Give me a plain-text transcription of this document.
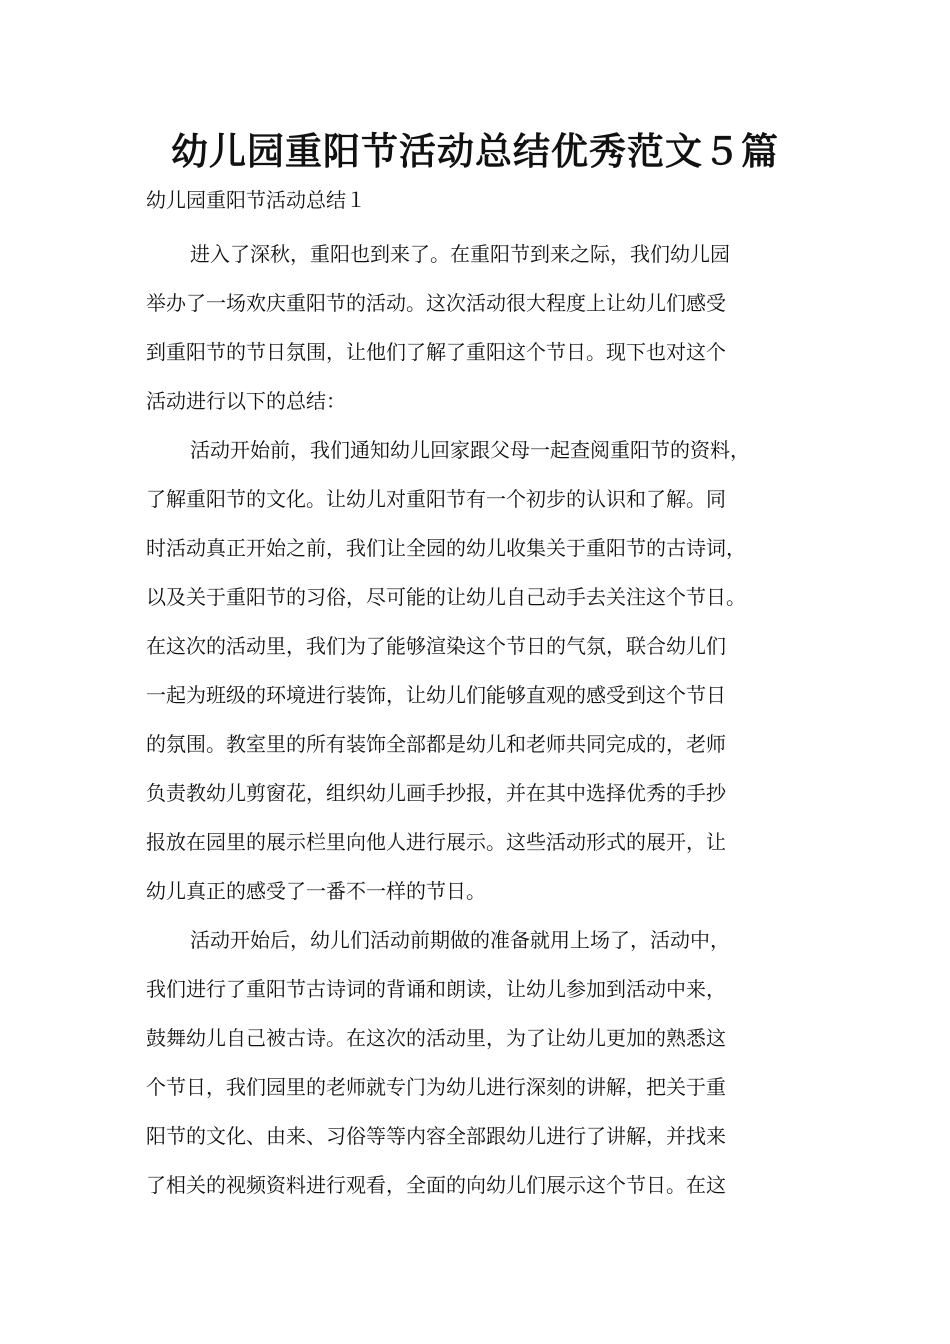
幼儿园重阳节活动总结优秀范文５篇
幼儿园重阳节活动总结１
进入了深秋，重阳也到来了。在重阳节到来之际，我们幼儿园
举办了一场欢庆重阳节的活动。这次活动很大程度上让幼儿们感受
到重阳节的节日氛围，让他们了解了重阳这个节日。现下也对这个
活动进行以下的总结：
活动开始前，我们通知幼儿回家跟父母一起查阅重阳节的资料，
了解重阳节的文化。让幼儿对重阳节有一个初步的认识和了解。同
时活动真正开始之前，我们让全园的幼儿收集关于重阳节的古诗词，
以及关于重阳节的习俗，尽可能的让幼儿自己动手去关注这个节日。
在这次的活动里，我们为了能够渲染这个节日的气氛，联合幼儿们
一起为班级的环境进行装饰，让幼儿们能够直观的感受到这个节日
的氛围。教室里的所有装饰全部都是幼儿和老师共同完成的，老师
负责教幼儿剪窗花，组织幼儿画手抄报，并在其中选择优秀的手抄
报放在园里的展示栏里向他人进行展示。这些活动形式的展开，让
幼儿真正的感受了一番不一样的节日。
活动开始后，幼儿们活动前期做的准备就用上场了，活动中，
我们进行了重阳节古诗词的背诵和朗读，让幼儿参加到活动中来，
鼓舞幼儿自己被古诗。在这次的活动里，为了让幼儿更加的熟悉这
个节日，我们园里的老师就专门为幼儿进行深刻的讲解，把关于重
阳节的文化、由来、习俗等等内容全部跟幼儿进行了讲解，并找来
了相关的视频资料进行观看，全面的向幼儿们展示这个节日。在这
